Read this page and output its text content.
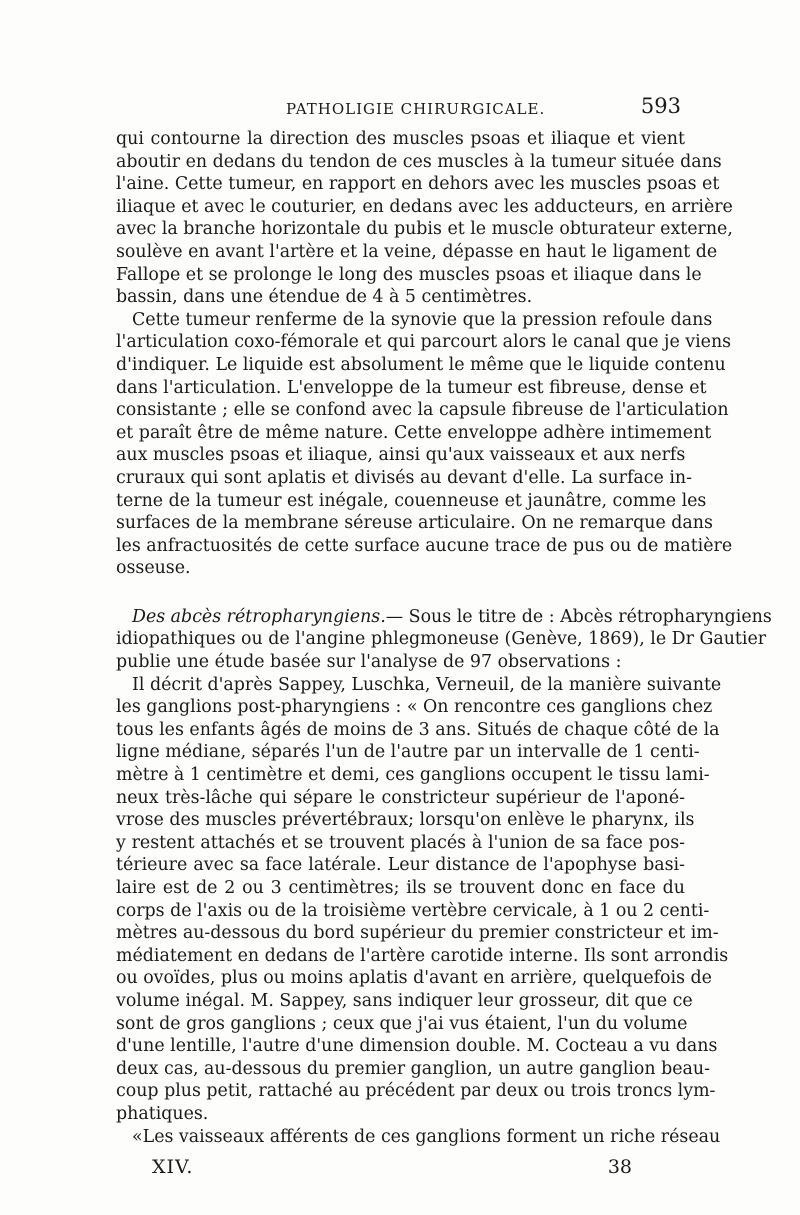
PATHOLIGIE CHIRURGICALE.	593
qui contourne la direction des muscles psoas et iliaque et vient
aboutir en dedans du tendon de ces muscles à la tumeur située dans
l'aine. Cette tumeur, en rapport en dehors avec les muscles psoas et
iliaque et avec le couturier, en dedans avec les adducteurs, en arrière
avec la branche horizontale du pubis et le muscle obturateur externe,
soulève en avant l'artère et la veine, dépasse en haut le ligament de
Fallope et se prolonge le long des muscles psoas et iliaque dans le
bassin, dans une étendue de 4 à 5 centimètres.
Cette tumeur renferme de la synovie que la pression refoule dans
l'articulation coxo-fémorale et qui parcourt alors le canal que je viens
d'indiquer. Le liquide est absolument le même que le liquide contenu
dans l'articulation. L'enveloppe de la tumeur est fibreuse, dense et
consistante ; elle se confond avec la capsule fibreuse de l'articulation
et paraît être de même nature. Cette enveloppe adhère intimement
aux muscles psoas et iliaque, ainsi qu'aux vaisseaux et aux nerfs
cruraux qui sont aplatis et divisés au devant d'elle. La surface in-
terne de la tumeur est inégale, couenneuse et jaunâtre, comme les
surfaces de la membrane séreuse articulaire. On ne remarque dans
les anfractuosités de cette surface aucune trace de pus ou de matière
osseuse.
Des abcès rétropharyngiens.— Sous le titre de : Abcès rétropharyngiens
idiopathiques ou de l'angine phlegmoneuse (Genève, 1869), le Dr Gautier
publie une étude basée sur l'analyse de 97 observations :
Il décrit d'après Sappey, Luschka, Verneuil, de la manière suivante
les ganglions post-pharyngiens : « On rencontre ces ganglions chez
tous les enfants âgés de moins de 3 ans. Situés de chaque côté de la
ligne médiane, séparés l'un de l'autre par un intervalle de 1 centi-
mètre à 1 centimètre et demi, ces ganglions occupent le tissu lami-
neux très-lâche qui sépare le constricteur supérieur de l'aponé-
vrose des muscles prévertébraux; lorsqu'on enlève le pharynx, ils
y restent attachés et se trouvent placés à l'union de sa face pos-
térieure avec sa face latérale. Leur distance de l'apophyse basi-
laire est de 2 ou 3 centimètres; ils se trouvent donc en face du
corps de l'axis ou de la troisième vertèbre cervicale, à 1 ou 2 centi-
mètres au-dessous du bord supérieur du premier constricteur et im-
médiatement en dedans de l'artère carotide interne. Ils sont arrondis
ou ovoïdes, plus ou moins aplatis d'avant en arrière, quelquefois de
volume inégal. M. Sappey, sans indiquer leur grosseur, dit que ce
sont de gros ganglions ; ceux que j'ai vus étaient, l'un du volume
d'une lentille, l'autre d'une dimension double. M. Cocteau a vu dans
deux cas, au-dessous du premier ganglion, un autre ganglion beau-
coup plus petit, rattaché au précédent par deux ou trois troncs lym-
phatiques.
«Les vaisseaux afférents de ces ganglions forment un riche réseau
XIV.	38
